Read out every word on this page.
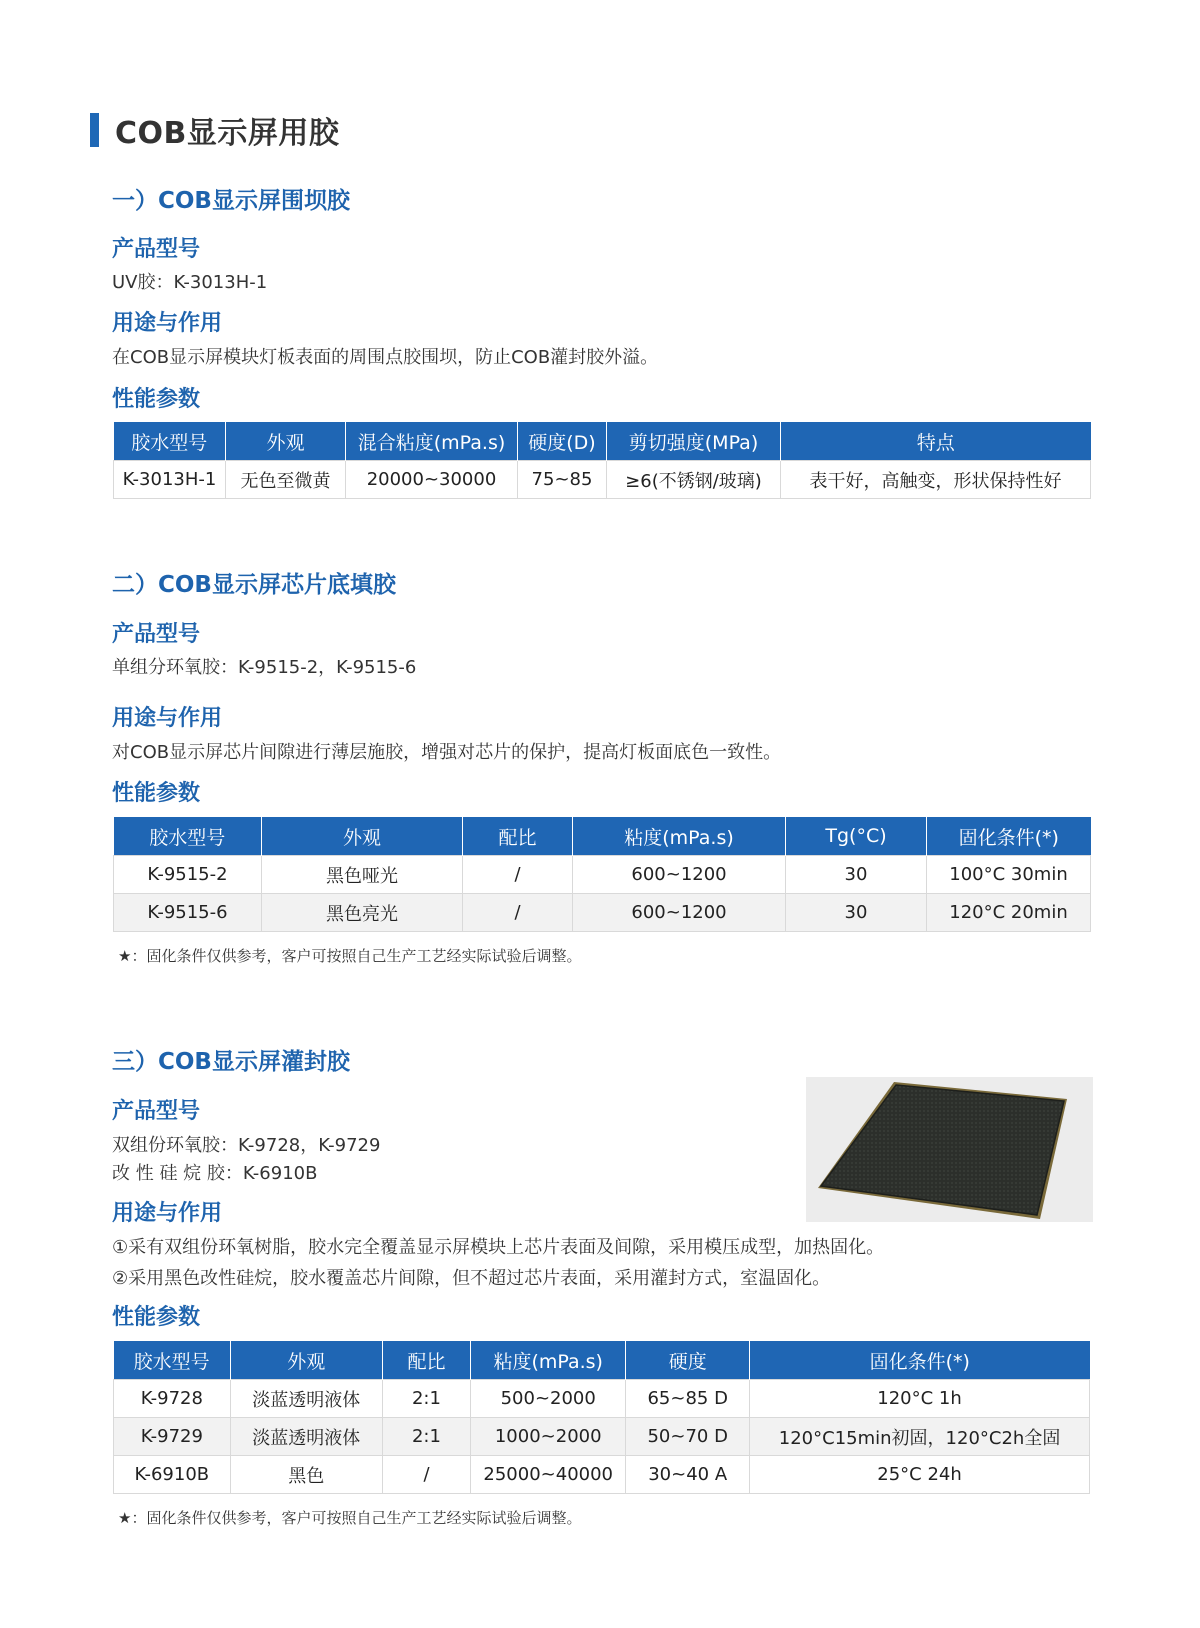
COB显示屏用胶
一）COB显示屏围坝胶
产品型号
UV胶：K-3013H-1
用途与作用
在COB显示屏模块灯板表面的周围点胶围坝，防止COB灌封胶外溢。
性能参数
胶水型号	外观	混合粘度(mPa.s)	硬度(D)	剪切强度(MPa)	特点
K-3013H-1	无色至微黄	20000~30000	75~85	≥6(不锈钢/玻璃)	表干好，高触变，形状保持性好
二）COB显示屏芯片底填胶
产品型号
单组分环氧胶：K-9515-2，K-9515-6
用途与作用
对COB显示屏芯片间隙进行薄层施胶，增强对芯片的保护，提高灯板面底色一致性。
性能参数
胶水型号	外观	配比	粘度(mPa.s)	Tg(°C)	固化条件(*)
K-9515-2	黑色哑光	/	600~1200	30	100°C 30min
K-9515-6	黑色亮光	/	600~1200	30	120°C 20min
★：固化条件仅供参考，客户可按照自己生产工艺经实际试验后调整。
三）COB显示屏灌封胶
产品型号
双组份环氧胶：K-9728，K-9729
改 性 硅 烷 胶：K-6910B
用途与作用
①采有双组份环氧树脂，胶水完全覆盖显示屏模块上芯片表面及间隙，采用模压成型，加热固化。
②采用黑色改性硅烷，胶水覆盖芯片间隙，但不超过芯片表面，采用灌封方式，室温固化。
性能参数
胶水型号	外观	配比	粘度(mPa.s)	硬度	固化条件(*)
K-9728	淡蓝透明液体	2:1	500~2000	65~85 D	120°C 1h
K-9729	淡蓝透明液体	2:1	1000~2000	50~70 D	120°C15min初固，120°C2h全固
K-6910B	黑色	/	25000~40000	30~40 A	25°C 24h
★：固化条件仅供参考，客户可按照自己生产工艺经实际试验后调整。
